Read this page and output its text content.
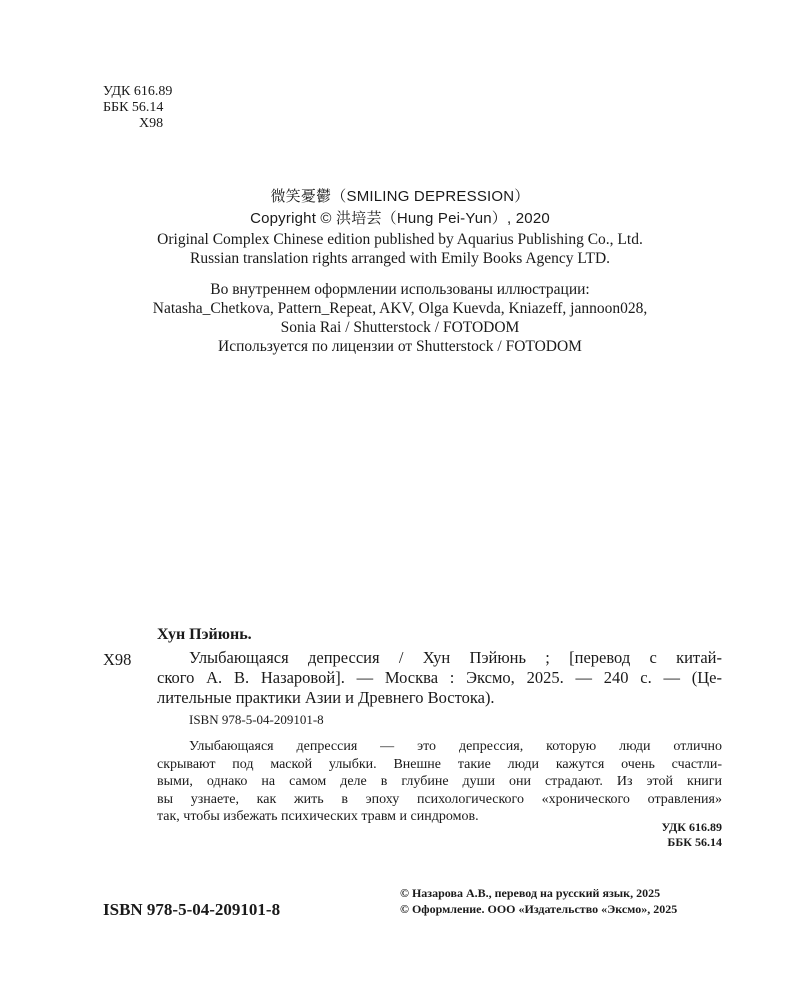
УДК 616.89
ББК 56.14
Х98
微笑憂鬱（SMILING DEPRESSION）
Copyright © 洪培芸（Hung Pei-Yun）, 2020
Original Complex Chinese edition published by Aquarius Publishing Co., Ltd.
Russian translation rights arranged with Emily Books Agency LTD.
Во внутреннем оформлении использованы иллюстрации:
Natasha_Chetkova, Pattern_Repeat, AKV, Olga Kuevda, Kniazeff, jannoon028,
Sonia Rai / Shutterstock / FOTODOM
Используется по лицензии от Shutterstock / FOTODOM
Хун Пэйюнь.
Х98	Улыбающаяся депрессия / Хун Пэйюнь ; [перевод с китай-
ского А. В. Назаровой]. — Москва : Эксмо, 2025. — 240 с. — (Це-
лительные практики Азии и Древнего Востока).
ISBN 978-5-04-209101-8
Улыбающаяся депрессия — это депрессия, которую люди отлично
скрывают под маской улыбки. Внешне такие люди кажутся очень счастли-
выми, однако на самом деле в глубине души они страдают. Из этой книги
вы узнаете, как жить в эпоху психологического «хронического отравления»
так, чтобы избежать психических травм и синдромов.
УДК 616.89
ББК 56.14
ISBN 978-5-04-209101-8
© Назарова А.В., перевод на русский язык, 2025
© Оформление. ООО «Издательство «Эксмо», 2025
